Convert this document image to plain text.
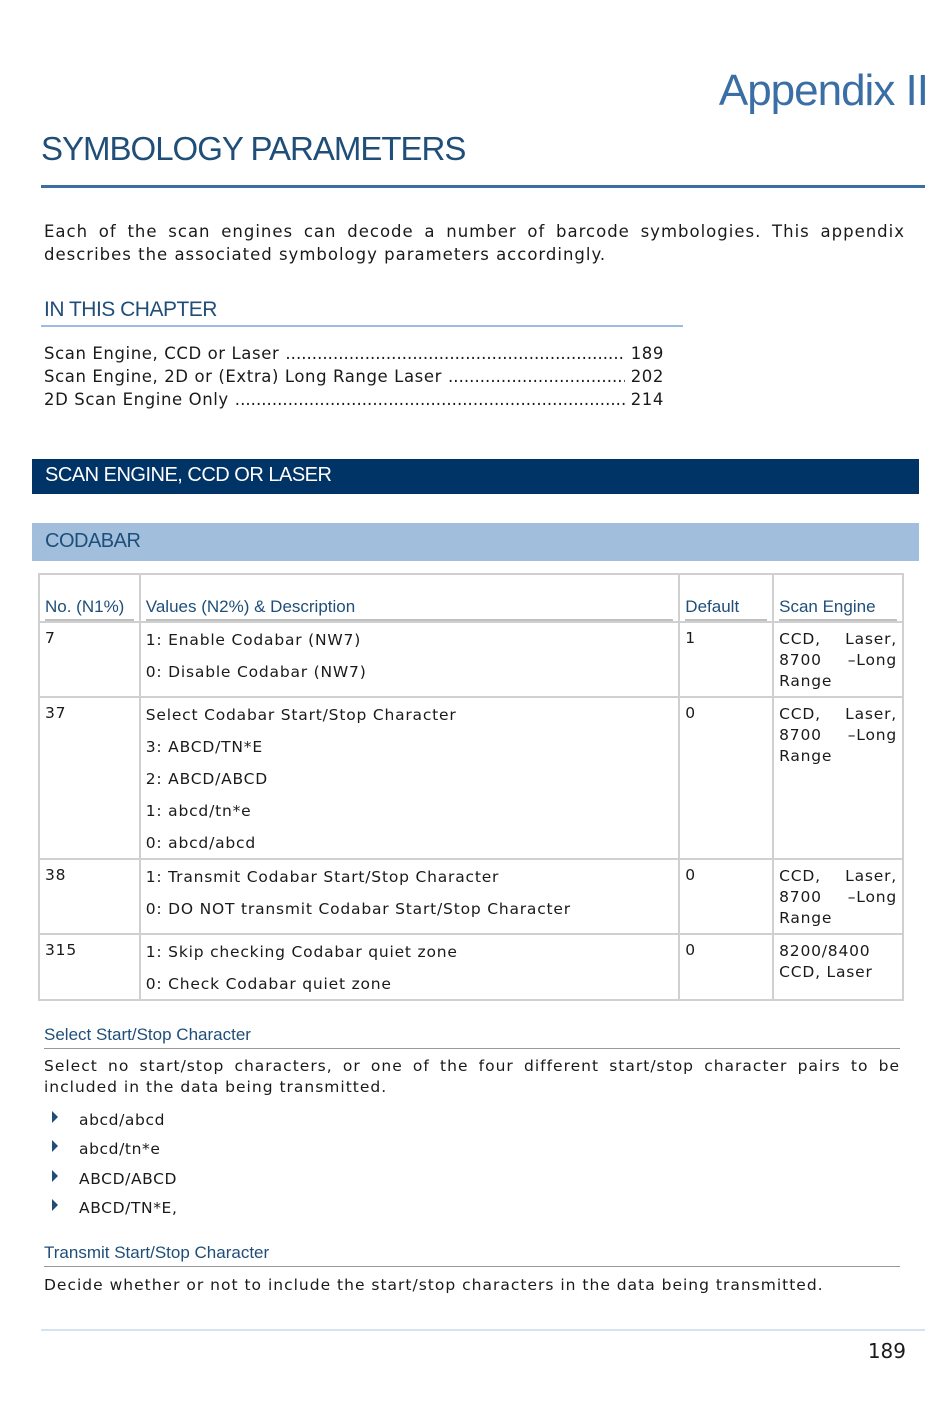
Appendix II
SYMBOLOGY PARAMETERS
Each of the scan engines can decode a number of barcode symbologies. This appendix describes the associated symbology parameters accordingly.
IN THIS CHAPTER
Scan Engine, CCD or Laser . . .	189
Scan Engine, 2D or (Extra) Long Range Laser . . .	202
2D Scan Engine Only . . .	214
SCAN ENGINE, CCD OR LASER
CODABAR
No. (N1%)	Values (N2%) & Description	Default	Scan Engine

7	1: Enable Codabar (NW7)

0: Disable Codabar (NW7)	1	CCD, Laser, 8700 –Long Range
37	Select Codabar Start/Stop Character

3: ABCD/TN*E

2: ABCD/ABCD

1: abcd/tn*e

0: abcd/abcd	0	CCD, Laser, 8700 –Long Range
38	1: Transmit Codabar Start/Stop Character

0: DO NOT transmit Codabar Start/Stop Character	0	CCD, Laser, 8700 –Long Range
315	1: Skip checking Codabar quiet zone

0: Check Codabar quiet zone	0	8200/8400 CCD, Laser
Select Start/Stop Character
Select no start/stop characters, or one of the four different start/stop character pairs to be included in the data being transmitted.
abcd/abcd
abcd/tn*e
ABCD/ABCD
ABCD/TN*E,
Transmit Start/Stop Character
Decide whether or not to include the start/stop characters in the data being transmitted.
189
